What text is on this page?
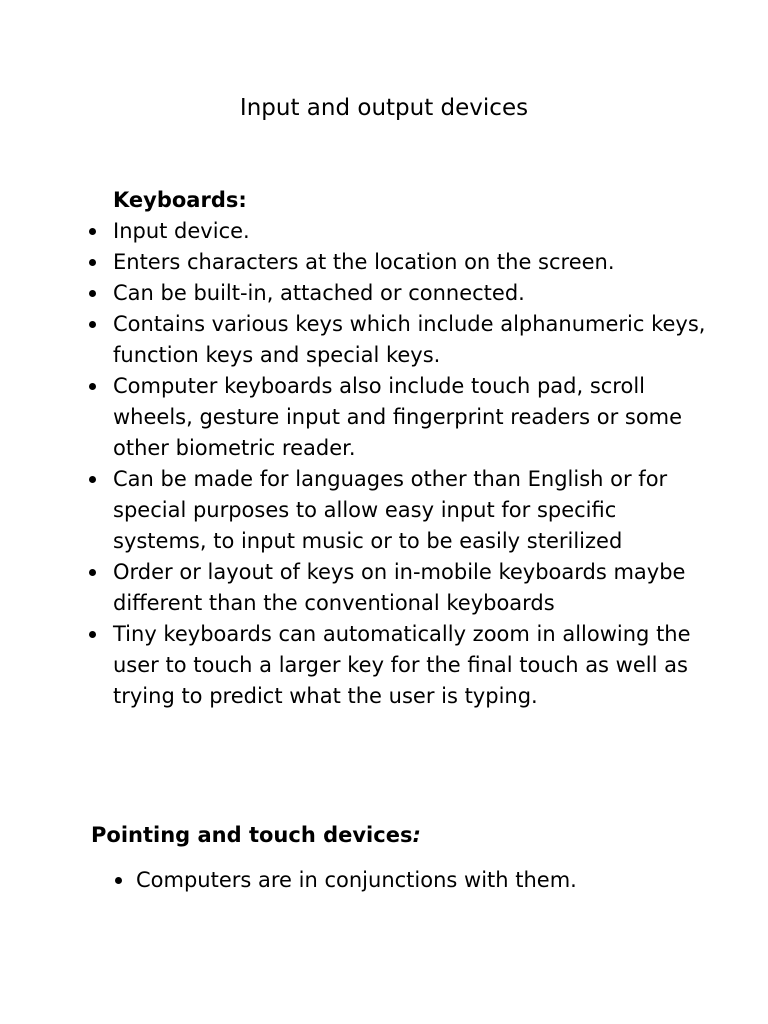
Input and output devices
Keyboards:
Input device.
Enters characters at the location on the screen.
Can be built-in, attached or connected.
Contains various keys which include alphanumeric keys, function keys and special keys.
Computer keyboards also include touch pad, scroll wheels, gesture input and fingerprint readers or some other biometric reader.
Can be made for languages other than English or for special purposes to allow easy input for specific systems, to input music or to be easily sterilized
Order or layout of keys on in-mobile keyboards maybe different than the conventional keyboards
Tiny keyboards can automatically zoom in allowing the user to touch a larger key for the final touch as well as trying to predict what the user is typing.
Pointing and touch devices:
Computers are in conjunctions with them.
